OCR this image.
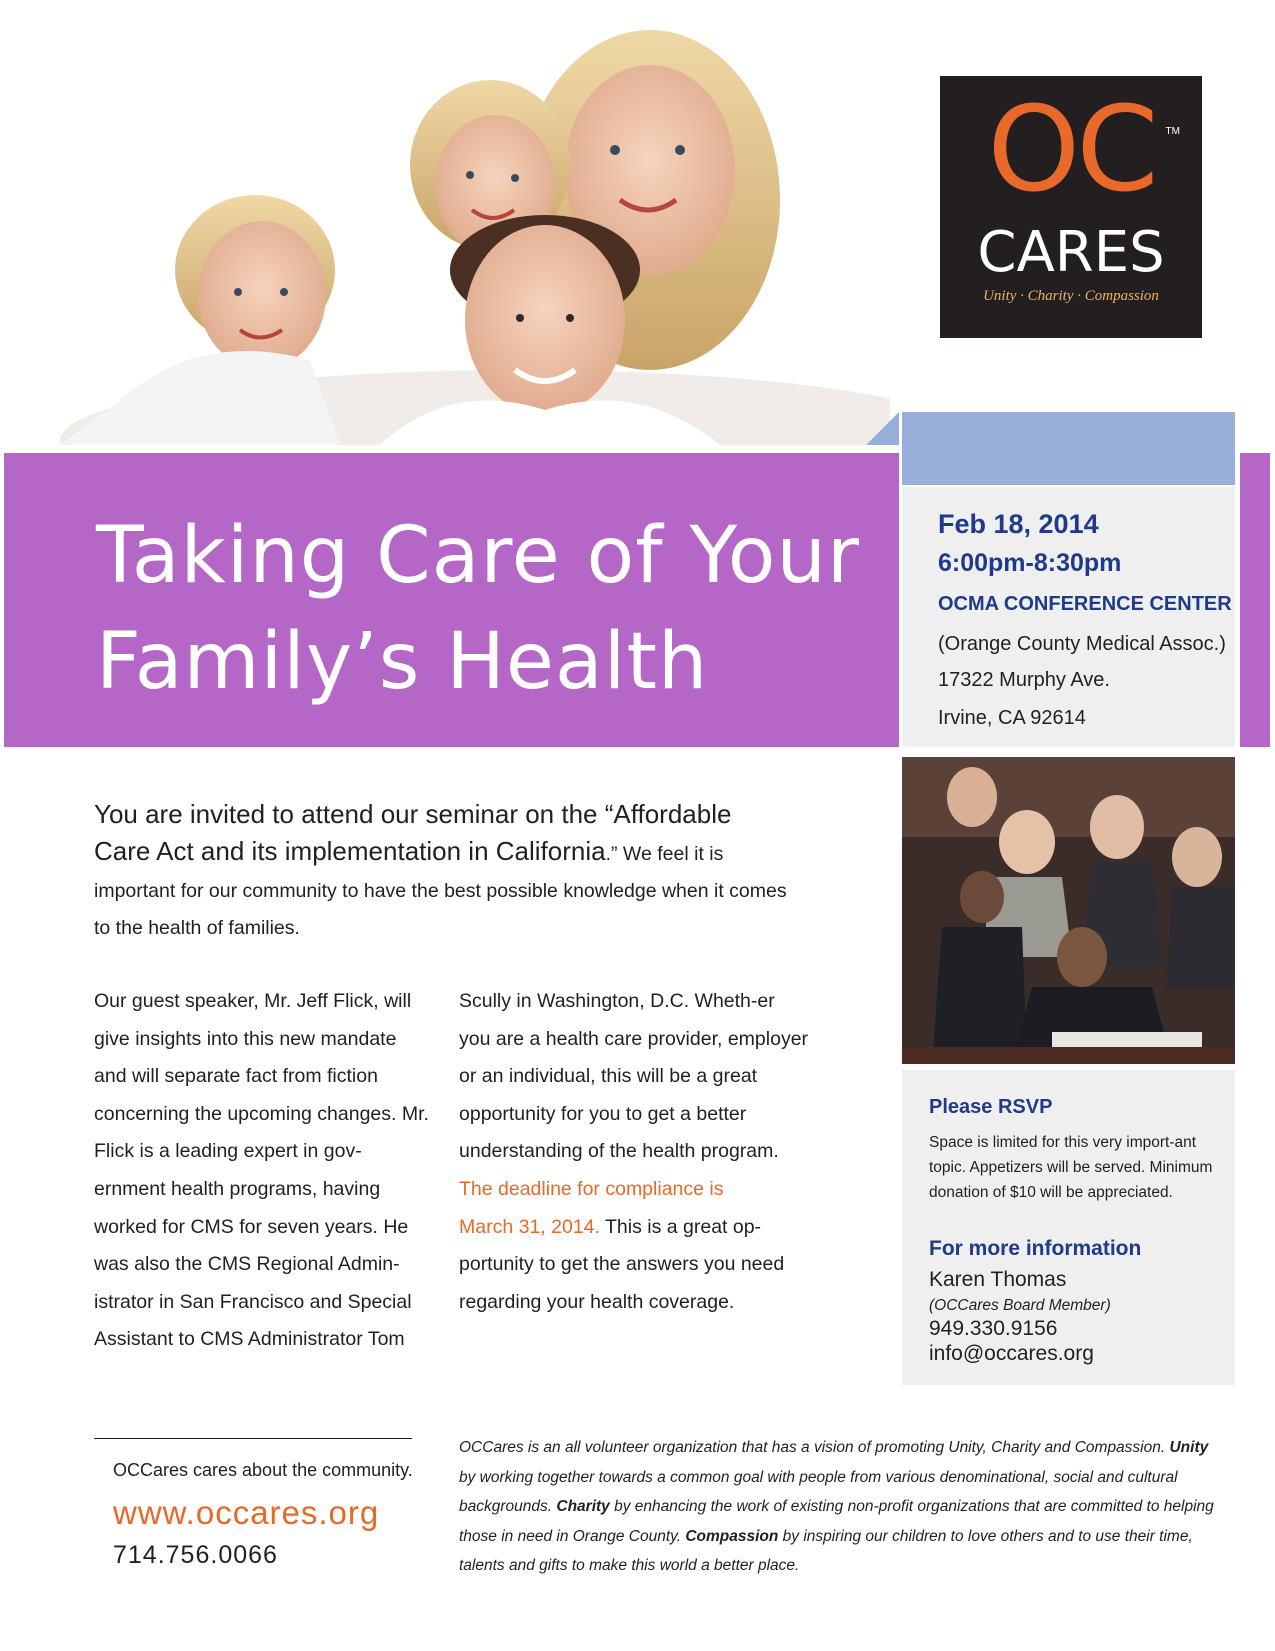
OC	TM
CARES
Unity · Charity · Compassion
Taking Care of Your
Family’s Health
Feb 18, 2014
6:00pm-8:30pm
OCMA CONFERENCE CENTER
(Orange County Medical Assoc.)
17322 Murphy Ave.
Irvine, CA 92614
Please RSVP
Space is limited for this very import-ant topic. Appetizers will be served. Minimum donation of $10 will be appreciated.
For more information
Karen Thomas
(OCCares Board Member)
949.330.9156
info@occares.org
You are invited to attend our seminar on the “Affordable Care Act and its implementation in California.” We feel it is important for our community to have the best possible knowledge when it comes to the health of families.
Our guest speaker, Mr. Jeff Flick, will give insights into this new mandate and will separate fact from fiction concerning the upcoming changes. Mr. Flick is a leading expert in gov-ernment health programs, having worked for CMS for seven years. He was also the CMS Regional Admin-istrator in San Francisco and Special Assistant to CMS Administrator Tom
Scully in Washington, D.C. Wheth-er you are a health care provider, employer or an individual, this will be a great opportunity for you to get a better understanding of the health program.
The deadline for compliance is
March 31, 2014. This is a great op-portunity to get the answers you need regarding your health coverage.
OCCares cares about the community.
www.occares.org
714.756.0066
OCCares is an all volunteer organization that has a vision of promoting Unity, Charity and Compassion. Unity by working together towards a common goal with people from various denominational, social and cultural backgrounds. Charity by enhancing the work of existing non-profit organizations that are committed to helping those in need in Orange County. Compassion by inspiring our children to love others and to use their time, talents and gifts to make this world a better place.
